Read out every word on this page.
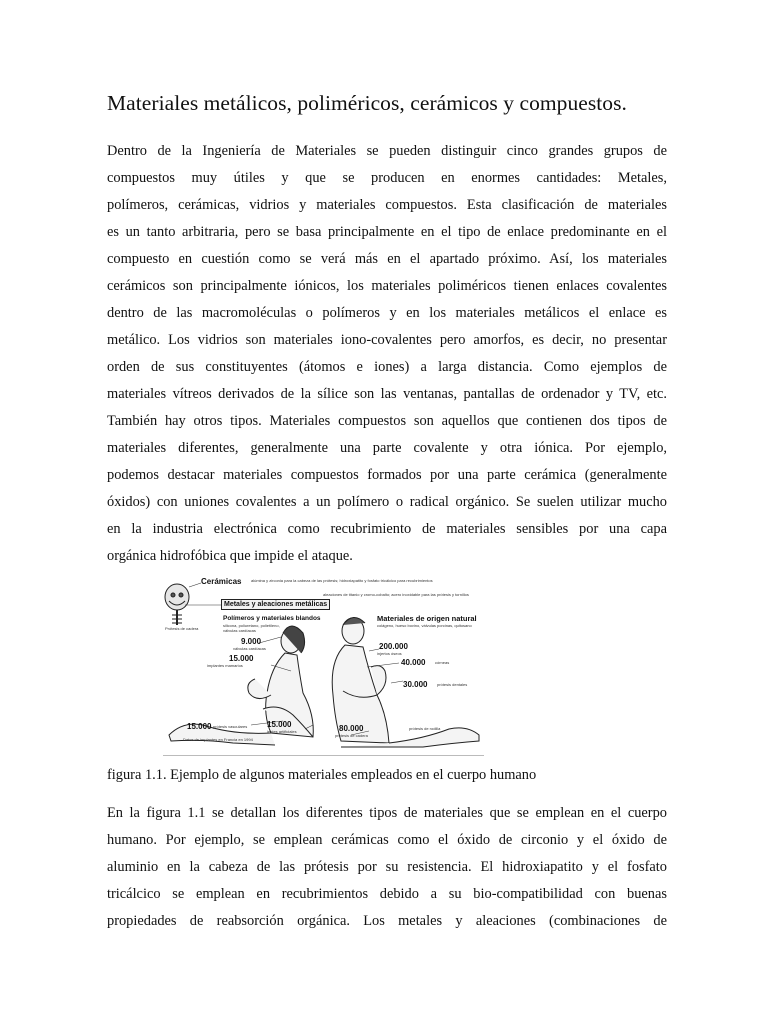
Materiales metálicos, poliméricos, cerámicos y compuestos.
Dentro de la Ingeniería de Materiales se pueden distinguir cinco grandes grupos de
compuestos muy útiles y que se producen en enormes cantidades: Metales,
polímeros, cerámicas, vidrios y materiales compuestos. Esta clasificación de materiales
es un tanto arbitraria, pero se basa principalmente en el tipo de enlace predominante en el
compuesto en cuestión como se verá más en el apartado próximo. Así, los materiales
cerámicos son principalmente iónicos, los materiales poliméricos tienen enlaces covalentes
dentro de las macromoléculas o polímeros y en los materiales metálicos el enlace es
metálico. Los vidrios son materiales iono-covalentes pero amorfos, es decir, no presentar
orden de sus constituyentes (átomos e iones) a larga distancia. Como ejemplos de
materiales vítreos derivados de la sílice son las ventanas, pantallas de ordenador y TV, etc.
También hay otros tipos. Materiales compuestos son aquellos que contienen dos tipos de
materiales diferentes, generalmente una parte covalente y otra iónica. Por ejemplo,
podemos destacar materiales compuestos formados por una parte cerámica (generalmente
óxidos) con uniones covalentes a un polímero o radical orgánico. Se suelen utilizar mucho
en la industria electrónica como recubrimiento de materiales sensibles por una capa
orgánica hidrofóbica que impide el ataque.
Cerámicas alúmina y zirconia para la cabeza de las prótesis; hidroxiapatito y fosfato tricálcico para recubrimientos
Metales y aleaciones metálicas
aleaciones de titanio y cromo-cobalto; acero inoxidable para las prótesis y tornillos
Prótesis de cadera
Polímeros y materiales blandos
silicona, poliuretano, polietileno, válvulas cardíacas
Materiales de origen natural
colágeno, hueso bovino, válvulas porcinas, quitosano
9.000
válvulas cardíacas
15.000
implantes mamarios
200.000
injertos óseos
40.000 córneas
30.000 prótesis dentales
15.000 prótesis vasculares 15.000
lentes artificiales	80.000
prótesis de cadera
prótesis de rodilla
Datos de implantes en Francia en 1994

figura 1.1. Ejemplo de algunos materiales empleados en el cuerpo humano

En la figura 1.1 se detallan los diferentes tipos de materiales que se emplean en el cuerpo
humano. Por ejemplo, se emplean cerámicas como el óxido de circonio y el óxido de
aluminio en la cabeza de las prótesis por su resistencia. El hidroxiapatito y el fosfato
tricálcico se emplean en recubrimientos debido a su bio-compatibilidad con buenas
propiedades de reabsorción orgánica. Los metales y aleaciones (combinaciones de
